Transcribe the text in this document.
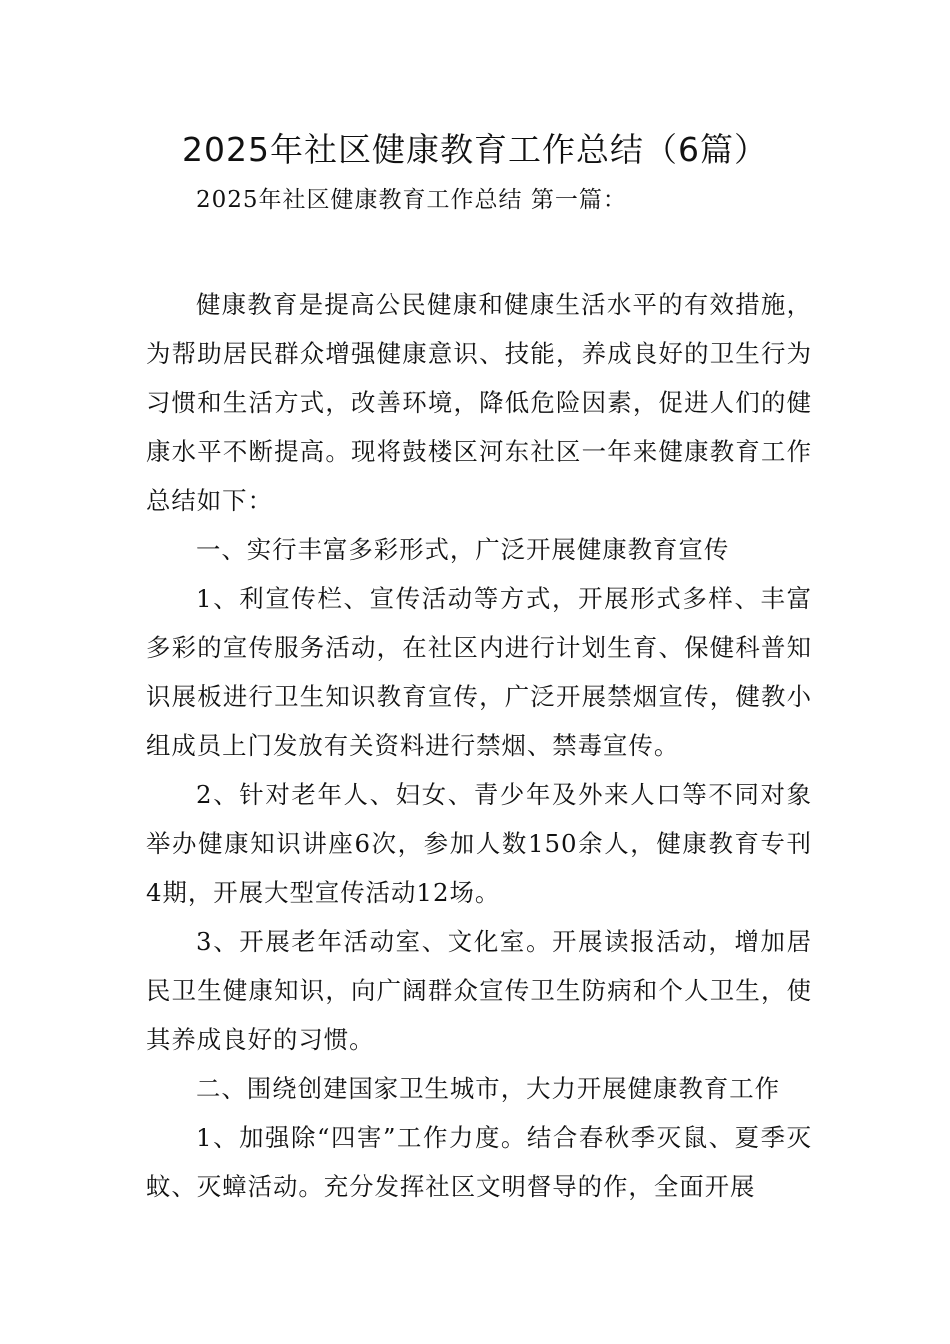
2025年社区健康教育工作总结（6篇）
2025年社区健康教育工作总结 第一篇：

健康教育是提高公民健康和健康生活水平的有效措施，为帮助居民群众增强健康意识、技能，养成良好的卫生行为习惯和生活方式，改善环境，降低危险因素，促进人们的健康水平不断提高。现将鼓楼区河东社区一年来健康教育工作总结如下：

一、实行丰富多彩形式，广泛开展健康教育宣传

1、利宣传栏、宣传活动等方式，开展形式多样、丰富多彩的宣传服务活动，在社区内进行计划生育、保健科普知识展板进行卫生知识教育宣传，广泛开展禁烟宣传，健教小组成员上门发放有关资料进行禁烟、禁毒宣传。

2、针对老年人、妇女、青少年及外来人口等不同对象举办健康知识讲座6次，参加人数150余人，健康教育专刊4期，开展大型宣传活动12场。

3、开展老年活动室、文化室。开展读报活动，增加居民卫生健康知识，向广阔群众宣传卫生防病和个人卫生，使其养成良好的习惯。

二、围绕创建国家卫生城市，大力开展健康教育工作

1、加强除“四害”工作力度。结合春秋季灭鼠、夏季灭蚊、灭蟑活动。充分发挥社区文明督导的作，全面开展
